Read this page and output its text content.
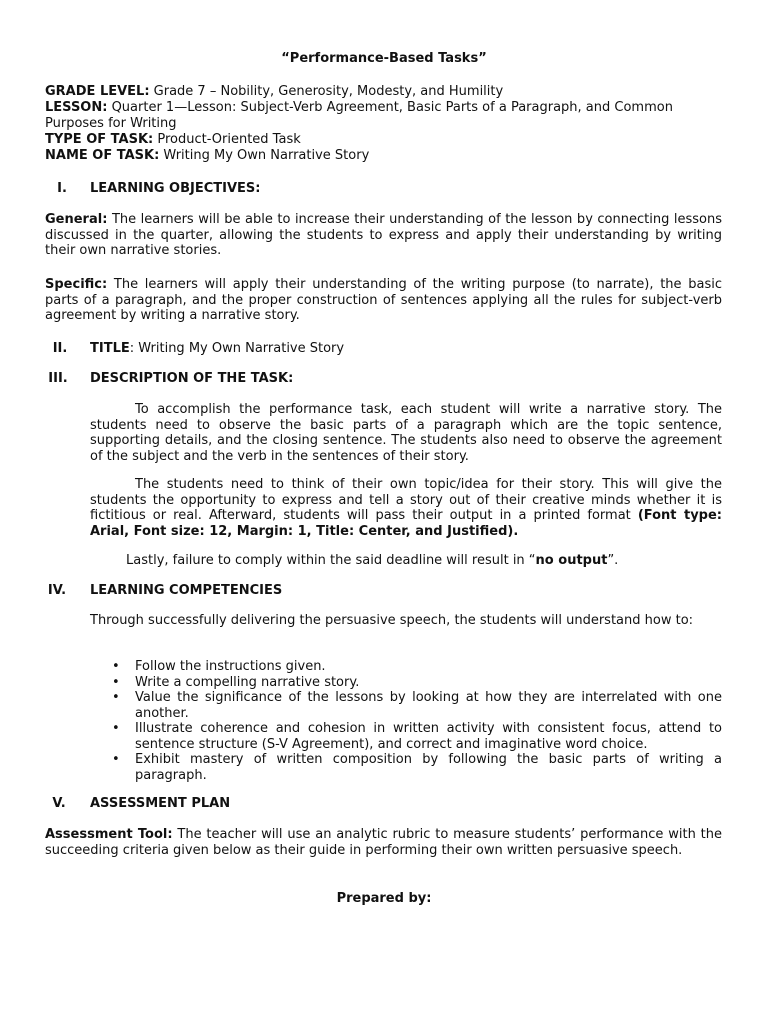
“Performance-Based Tasks”
GRADE LEVEL: Grade 7 – Nobility, Generosity, Modesty, and Humility
LESSON: Quarter 1—Lesson: Subject-Verb Agreement, Basic Parts of a Paragraph, and Common Purposes for Writing
TYPE OF TASK: Product-Oriented Task
NAME OF TASK: Writing My Own Narrative Story
I.	LEARNING OBJECTIVES:
General: The learners will be able to increase their understanding of the lesson by connecting lessons discussed in the quarter, allowing the students to express and apply their understanding by writing their own narrative stories.
Specific: The learners will apply their understanding of the writing purpose (to narrate), the basic parts of a paragraph, and the proper construction of sentences applying all the rules for subject-verb agreement by writing a narrative story.
II.	TITLE: Writing My Own Narrative Story
III.	DESCRIPTION OF THE TASK:
To accomplish the performance task, each student will write a narrative story. The students need to observe the basic parts of a paragraph which are the topic sentence, supporting details, and the closing sentence. The students also need to observe the agreement of the subject and the verb in the sentences of their story.
The students need to think of their own topic/idea for their story. This will give the students the opportunity to express and tell a story out of their creative minds whether it is fictitious or real. Afterward, students will pass their output in a printed format (Font type: Arial, Font size: 12, Margin: 1, Title: Center, and Justified).
Lastly, failure to comply within the said deadline will result in “no output”.
IV.	LEARNING COMPETENCIES
Through successfully delivering the persuasive speech, the students will understand how to:
• Follow the instructions given.
• Write a compelling narrative story.
• Value the significance of the lessons by looking at how they are interrelated with one another.
• Illustrate coherence and cohesion in written activity with consistent focus, attend to sentence structure (S-V Agreement), and correct and imaginative word choice.
• Exhibit mastery of written composition by following the basic parts of writing a paragraph.
V.	ASSESSMENT PLAN
Assessment Tool: The teacher will use an analytic rubric to measure students’ performance with the succeeding criteria given below as their guide in performing their own written persuasive speech.
Prepared by:
